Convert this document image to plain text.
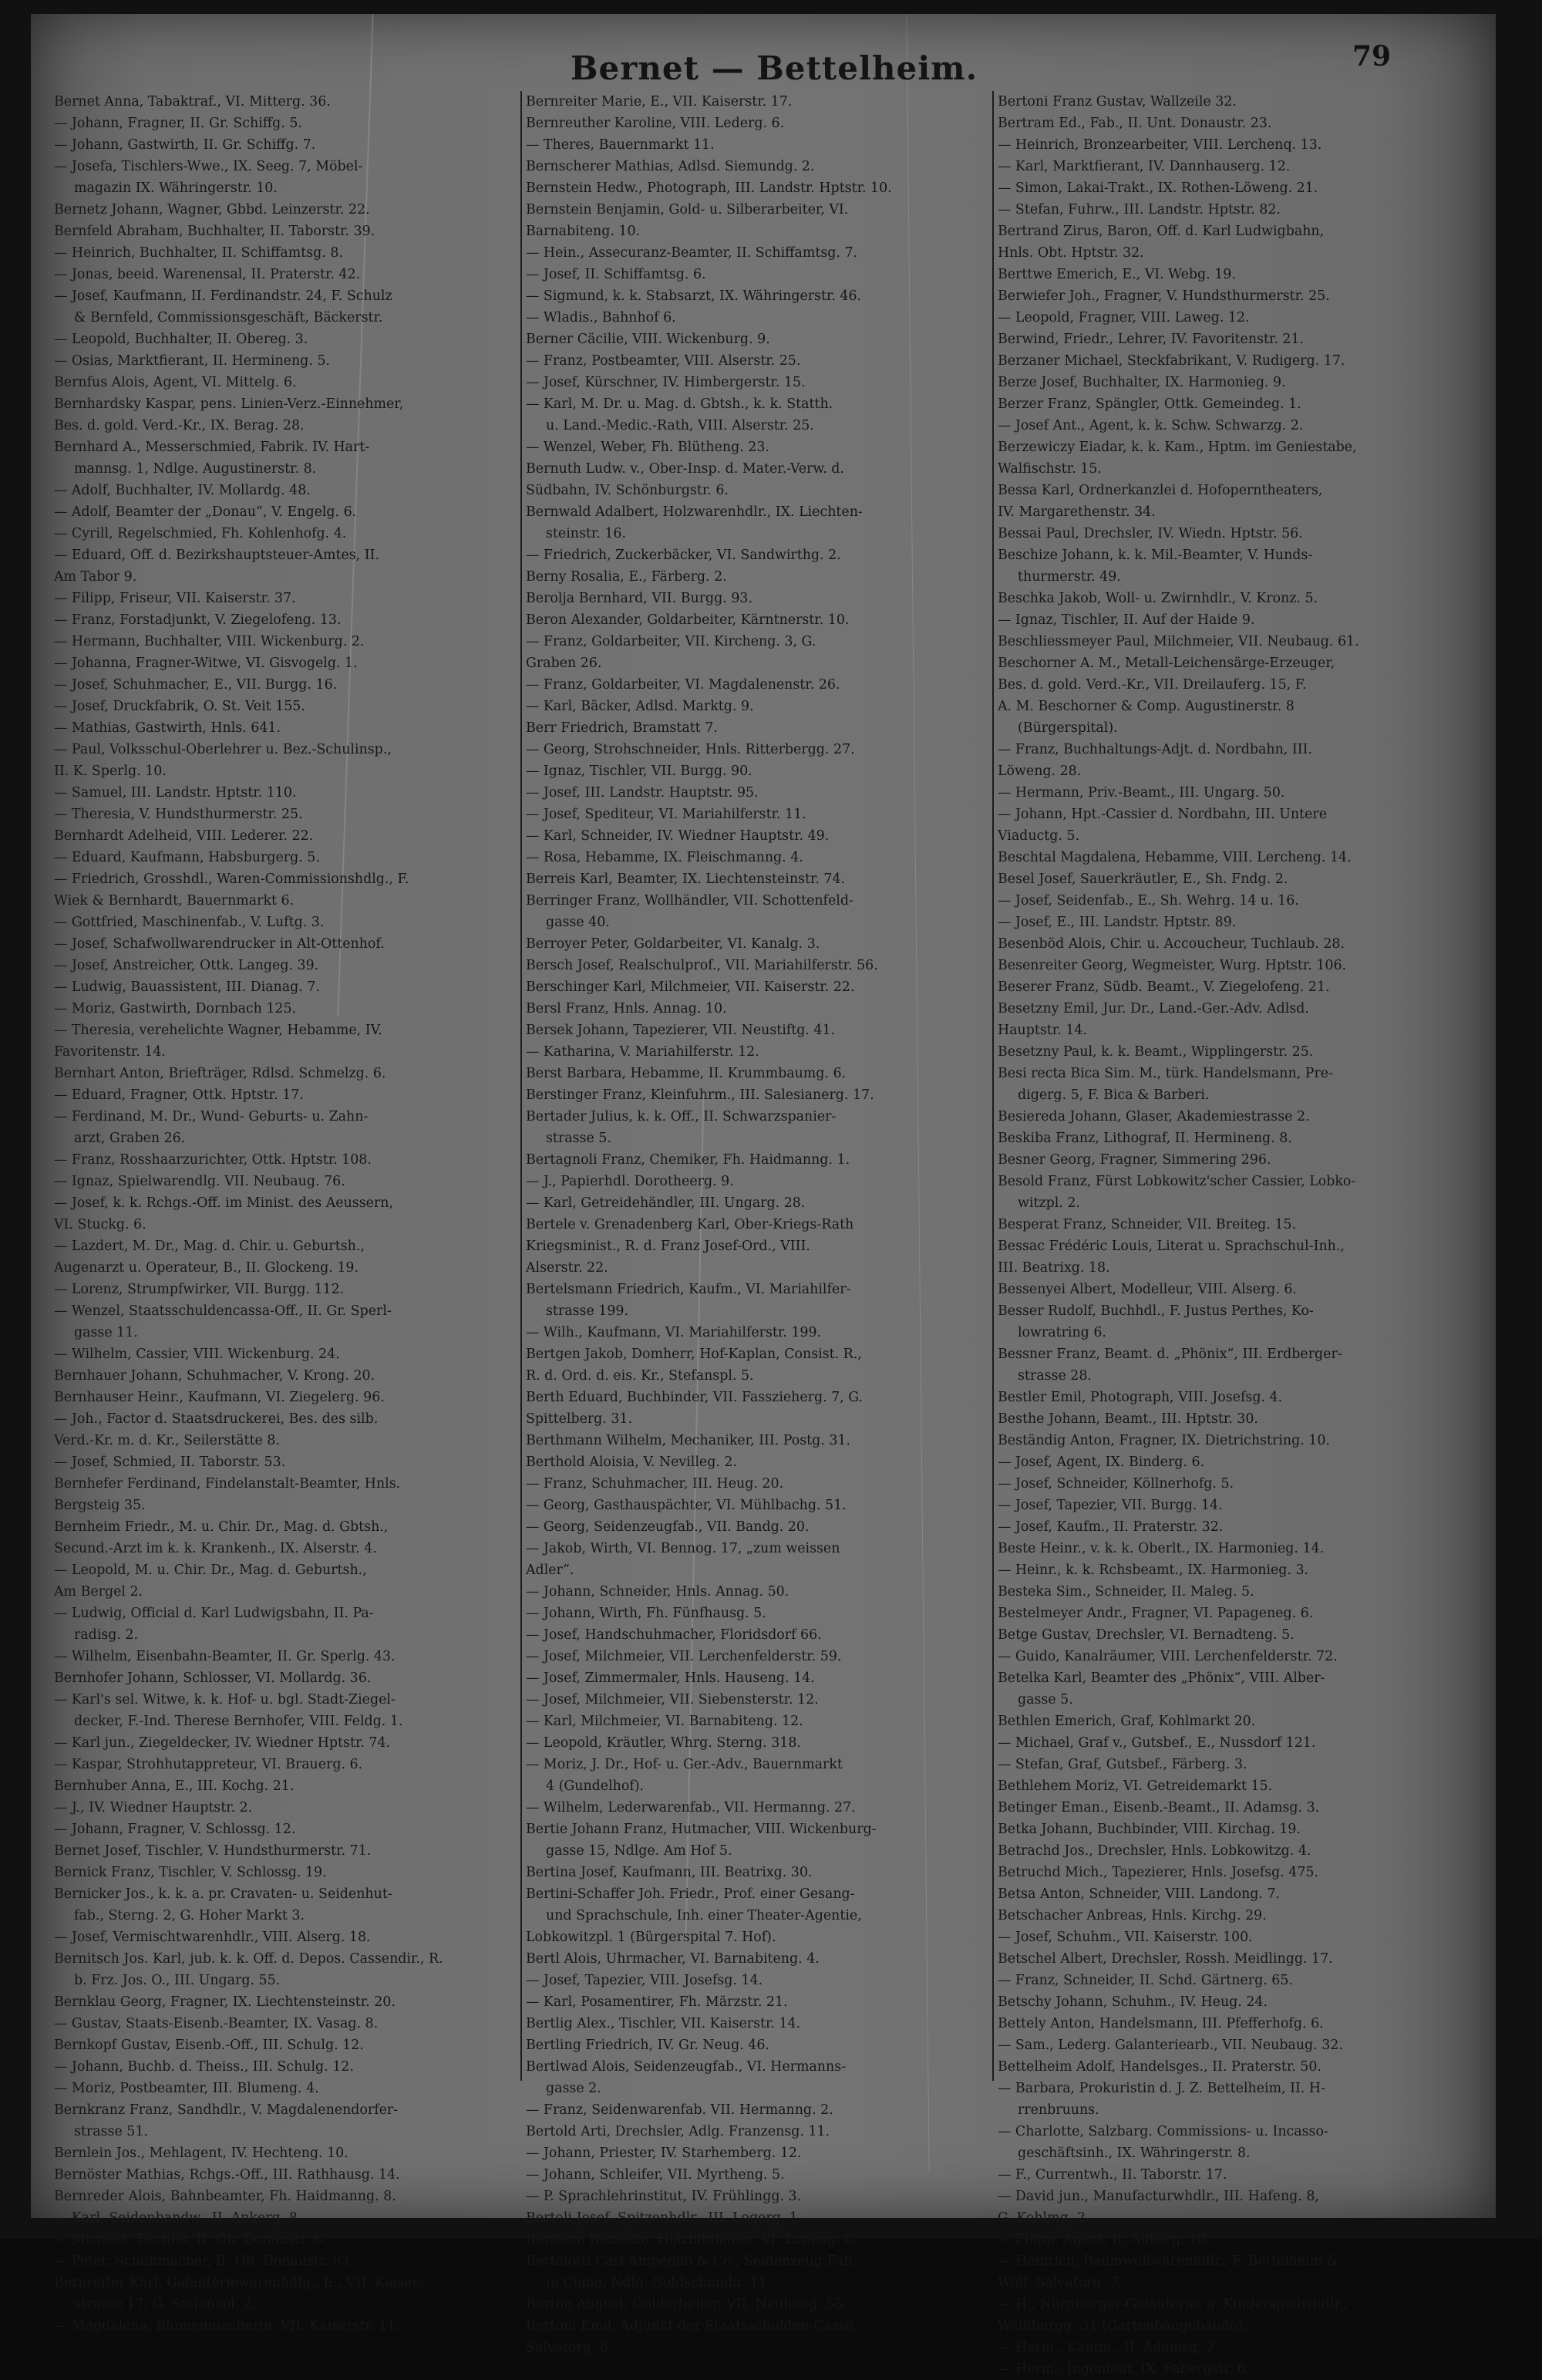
Bernet — Bettelheim.	79
Bernet Anna, Tabaktraf., VI. Mitterg. 36.
— Johann, Fragner, II. Gr. Schiffg. 5.
— Johann, Gastwirth, II. Gr. Schiffg. 7.
— Josefa, Tischlers-Wwe., IX. Seeg. 7, Möbel-
magazin IX. Währingerstr. 10.
Bernetz Johann, Wagner, Gbbd. Leinzerstr. 22.
Bernfeld Abraham, Buchhalter, II. Taborstr. 39.
— Heinrich, Buchhalter, II. Schiffamtsg. 8.
— Jonas, beeid. Warenensal, II. Praterstr. 42.
— Josef, Kaufmann, II. Ferdinandstr. 24, F. Schulz
& Bernfeld, Commissionsgeschäft, Bäckerstr.
— Leopold, Buchhalter, II. Obereg. 3.
— Osias, Marktfierant, II. Hermineng. 5.
Bernfus Alois, Agent, VI. Mittelg. 6.
Bernhardsky Kaspar, pens. Linien-Verz.-Einnehmer,
Bes. d. gold. Verd.-Kr., IX. Berag. 28.
Bernhard A., Messerschmied, Fabrik. IV. Hart-
mannsg. 1, Ndlge. Augustinerstr. 8.
— Adolf, Buchhalter, IV. Mollardg. 48.
— Adolf, Beamter der „Donau“, V. Engelg. 6.
— Cyrill, Regelschmied, Fh. Kohlenhofg. 4.
— Eduard, Off. d. Bezirkshauptsteuer-Amtes, II.
Am Tabor 9.
— Filipp, Friseur, VII. Kaiserstr. 37.
— Franz, Forstadjunkt, V. Ziegelofeng. 13.
— Hermann, Buchhalter, VIII. Wickenburg. 2.
— Johanna, Fragner-Witwe, VI. Gisvogelg. 1.
— Josef, Schuhmacher, E., VII. Burgg. 16.
— Josef, Druckfabrik, O. St. Veit 155.
— Mathias, Gastwirth, Hnls. 641.
— Paul, Volksschul-Oberlehrer u. Bez.-Schulinsp.,
II. K. Sperlg. 10.
— Samuel, III. Landstr. Hptstr. 110.
— Theresia, V. Hundsthurmerstr. 25.
Bernhardt Adelheid, VIII. Lederer. 22.
— Eduard, Kaufmann, Habsburgerg. 5.
— Friedrich, Grosshdl., Waren-Commissionshdlg., F.
Wiek & Bernhardt, Bauernmarkt 6.
— Gottfried, Maschinenfab., V. Luftg. 3.
— Josef, Schafwollwarendrucker in Alt-Ottenhof.
— Josef, Anstreicher, Ottk. Langeg. 39.
— Ludwig, Bauassistent, III. Dianag. 7.
— Moriz, Gastwirth, Dornbach 125.
— Theresia, verehelichte Wagner, Hebamme, IV.
Favoritenstr. 14.
Bernhart Anton, Briefträger, Rdlsd. Schmelzg. 6.
— Eduard, Fragner, Ottk. Hptstr. 17.
— Ferdinand, M. Dr., Wund- Geburts- u. Zahn-
arzt, Graben 26.
— Franz, Rosshaarzurichter, Ottk. Hptstr. 108.
— Ignaz, Spielwarendlg. VII. Neubaug. 76.
— Josef, k. k. Rchgs.-Off. im Minist. des Aeussern,
VI. Stuckg. 6.
— Lazdert, M. Dr., Mag. d. Chir. u. Geburtsh.,
Augenarzt u. Operateur, B., II. Glockeng. 19.
— Lorenz, Strumpfwirker, VII. Burgg. 112.
— Wenzel, Staatsschuldencassa-Off., II. Gr. Sperl-
gasse 11.
— Wilhelm, Cassier, VIII. Wickenburg. 24.
Bernhauer Johann, Schuhmacher, V. Krong. 20.
Bernhauser Heinr., Kaufmann, VI. Ziegelerg. 96.
— Joh., Factor d. Staatsdruckerei, Bes. des silb.
Verd.-Kr. m. d. Kr., Seilerstätte 8.
— Josef, Schmied, II. Taborstr. 53.
Bernhefer Ferdinand, Findelanstalt-Beamter, Hnls.
Bergsteig 35.
Bernheim Friedr., M. u. Chir. Dr., Mag. d. Gbtsh.,
Secund.-Arzt im k. k. Krankenh., IX. Alserstr. 4.
— Leopold, M. u. Chir. Dr., Mag. d. Geburtsh.,
Am Bergel 2.
— Ludwig, Official d. Karl Ludwigsbahn, II. Pa-
radisg. 2.
— Wilhelm, Eisenbahn-Beamter, II. Gr. Sperlg. 43.
Bernhofer Johann, Schlosser, VI. Mollardg. 36.
— Karl's sel. Witwe, k. k. Hof- u. bgl. Stadt-Ziegel-
decker, F.-Ind. Therese Bernhofer, VIII. Feldg. 1.
— Karl jun., Ziegeldecker, IV. Wiedner Hptstr. 74.
— Kaspar, Strohhutappreteur, VI. Brauerg. 6.
Bernhuber Anna, E., III. Kochg. 21.
— J., IV. Wiedner Hauptstr. 2.
— Johann, Fragner, V. Schlossg. 12.
Bernet Josef, Tischler, V. Hundsthurmerstr. 71.
Bernick Franz, Tischler, V. Schlossg. 19.
Bernicker Jos., k. k. a. pr. Cravaten- u. Seidenhut-
fab., Sterng. 2, G. Hoher Markt 3.
— Josef, Vermischtwarenhdlr., VIII. Alserg. 18.
Bernitsch Jos. Karl, jub. k. k. Off. d. Depos. Cassendir., R.
b. Frz. Jos. O., III. Ungarg. 55.
Bernklau Georg, Fragner, IX. Liechtensteinstr. 20.
— Gustav, Staats-Eisenb.-Beamter, IX. Vasag. 8.
Bernkopf Gustav, Eisenb.-Off., III. Schulg. 12.
— Johann, Buchb. d. Theiss., III. Schulg. 12.
— Moriz, Postbeamter, III. Blumeng. 4.
Bernkranz Franz, Sandhdlr., V. Magdalenendorfer-
strasse 51.
Bernlein Jos., Mehlagent, IV. Hechteng. 10.
Bernöster Mathias, Rchgs.-Off., III. Rathhausg. 14.
Bernreder Alois, Bahnbeamter, Fh. Haidmanng. 8.
— Karl, Seidenbandw., II. Ankerg. 8.
— Michael, Tischler, II. Ob. Donaustr. 6.
— Peter, Schuhmacher, II. Ob. Donaustr. 93.
Bernreiter Karl, Galanteriewarenhdlg., E., VII. Kaiser-
strasse 17, G. Stefanspl. 2.
— Magdalena, Blumenmacherin, VII. Kaiserstr. 11.
Bernreiter Marie, E., VII. Kaiserstr. 17.
Bernreuther Karoline, VIII. Lederg. 6.
— Theres, Bauernmarkt 11.
Bernscherer Mathias, Adlsd. Siemundg. 2.
Bernstein Hedw., Photograph, III. Landstr. Hptstr. 10.
Bernstein Benjamin, Gold- u. Silberarbeiter, VI.
Barnabiteng. 10.
— Hein., Assecuranz-Beamter, II. Schiffamtsg. 7.
— Josef, II. Schiffamtsg. 6.
— Sigmund, k. k. Stabsarzt, IX. Währingerstr. 46.
— Wladis., Bahnhof 6.
Berner Cäcilie, VIII. Wickenburg. 9.
— Franz, Postbeamter, VIII. Alserstr. 25.
— Josef, Kürschner, IV. Himbergerstr. 15.
— Karl, M. Dr. u. Mag. d. Gbtsh., k. k. Statth.
u. Land.-Medic.-Rath, VIII. Alserstr. 25.
— Wenzel, Weber, Fh. Blütheng. 23.
Bernuth Ludw. v., Ober-Insp. d. Mater.-Verw. d.
Südbahn, IV. Schönburgstr. 6.
Bernwald Adalbert, Holzwarenhdlr., IX. Liechten-
steinstr. 16.
— Friedrich, Zuckerbäcker, VI. Sandwirthg. 2.
Berny Rosalia, E., Färberg. 2.
Berolja Bernhard, VII. Burgg. 93.
Beron Alexander, Goldarbeiter, Kärntnerstr. 10.
— Franz, Goldarbeiter, VII. Kircheng. 3, G.
Graben 26.
— Franz, Goldarbeiter, VI. Magdalenenstr. 26.
— Karl, Bäcker, Adlsd. Marktg. 9.
Berr Friedrich, Bramstatt 7.
— Georg, Strohschneider, Hnls. Ritterbergg. 27.
— Ignaz, Tischler, VII. Burgg. 90.
— Josef, III. Landstr. Hauptstr. 95.
— Josef, Spediteur, VI. Mariahilferstr. 11.
— Karl, Schneider, IV. Wiedner Hauptstr. 49.
— Rosa, Hebamme, IX. Fleischmanng. 4.
Berreis Karl, Beamter, IX. Liechtensteinstr. 74.
Berringer Franz, Wollhändler, VII. Schottenfeld-
gasse 40.
Berroyer Peter, Goldarbeiter, VI. Kanalg. 3.
Bersch Josef, Realschulprof., VII. Mariahilferstr. 56.
Berschinger Karl, Milchmeier, VII. Kaiserstr. 22.
Bersl Franz, Hnls. Annag. 10.
Bersek Johann, Tapezierer, VII. Neustiftg. 41.
— Katharina, V. Mariahilferstr. 12.
Berst Barbara, Hebamme, II. Krummbaumg. 6.
Berstinger Franz, Kleinfuhrm., III. Salesianerg. 17.
Bertader Julius, k. k. Off., II. Schwarzspanier-
strasse 5.
Bertagnoli Franz, Chemiker, Fh. Haidmanng. 1.
— J., Papierhdl. Dorotheerg. 9.
— Karl, Getreidehändler, III. Ungarg. 28.
Bertele v. Grenadenberg Karl, Ober-Kriegs-Rath
Kriegsminist., R. d. Franz Josef-Ord., VIII.
Alserstr. 22.
Bertelsmann Friedrich, Kaufm., VI. Mariahilfer-
strasse 199.
— Wilh., Kaufmann, VI. Mariahilferstr. 199.
Bertgen Jakob, Domherr, Hof-Kaplan, Consist. R.,
R. d. Ord. d. eis. Kr., Stefanspl. 5.
Berth Eduard, Buchbinder, VII. Fasszieherg. 7, G.
Spittelberg. 31.
Berthmann Wilhelm, Mechaniker, III. Postg. 31.
Berthold Aloisia, V. Nevilleg. 2.
— Franz, Schuhmacher, III. Heug. 20.
— Georg, Gasthauspächter, VI. Mühlbachg. 51.
— Georg, Seidenzeugfab., VII. Bandg. 20.
— Jakob, Wirth, VI. Bennog. 17, „zum weissen
Adler“.
— Johann, Schneider, Hnls. Annag. 50.
— Johann, Wirth, Fh. Fünfhausg. 5.
— Josef, Handschuhmacher, Floridsdorf 66.
— Josef, Milchmeier, VII. Lerchenfelderstr. 59.
— Josef, Zimmermaler, Hnls. Hauseng. 14.
— Josef, Milchmeier, VII. Siebensterstr. 12.
— Karl, Milchmeier, VI. Barnabiteng. 12.
— Leopold, Kräutler, Whrg. Sterng. 318.
— Moriz, J. Dr., Hof- u. Ger.-Adv., Bauernmarkt
4 (Gundelhof).
— Wilhelm, Lederwarenfab., VII. Hermanng. 27.
Bertie Johann Franz, Hutmacher, VIII. Wickenburg-
gasse 15, Ndlge. Am Hof 5.
Bertina Josef, Kaufmann, III. Beatrixg. 30.
Bertini-Schaffer Joh. Friedr., Prof. einer Gesang-
und Sprachschule, Inh. einer Theater-Agentie,
Lobkowitzpl. 1 (Bürgerspital 7. Hof).
Bertl Alois, Uhrmacher, VI. Barnabiteng. 4.
— Josef, Tapezier, VIII. Josefsg. 14.
— Karl, Posamentirer, Fh. Märzstr. 21.
Bertlig Alex., Tischler, VII. Kaiserstr. 14.
Bertling Friedrich, IV. Gr. Neug. 46.
Bertlwad Alois, Seidenzeugfab., VI. Hermanns-
gasse 2.
— Franz, Seidenwarenfab. VII. Hermanng. 2.
Bertold Arti, Drechsler, Adlg. Franzensg. 11.
— Johann, Priester, IV. Starhemberg. 12.
— Johann, Schleifer, VII. Myrtheng. 5.
— P. Sprachlehrinstitut, IV. Frühlingg. 3.
Bertoli Josef, Spitzenhdlr., III. Logerg. 1.
Bertolini Romedio, Holzbildhauer, VI. Linieng. 6.
Bertolotti Carl Ampeglio & Co., Seidenzeug-Fab.
in Como, Ndlg. Goldschmidg. 11.
Berton August, Goldarbeiter, VII. Neubaug. 55.
Bertoni Emil, Adjunkt der Staatsschulden-Casse,
Salvatorg. 6.
Bertoni Franz Gustav, Wallzeile 32.
Bertram Ed., Fab., II. Unt. Donaustr. 23.
— Heinrich, Bronzearbeiter, VIII. Lerchenq. 13.
— Karl, Marktfierant, IV. Dannhauserg. 12.
— Simon, Lakai-Trakt., IX. Rothen-Löweng. 21.
— Stefan, Fuhrw., III. Landstr. Hptstr. 82.
Bertrand Zirus, Baron, Off. d. Karl Ludwigbahn,
Hnls. Obt. Hptstr. 32.
Berttwe Emerich, E., VI. Webg. 19.
Berwiefer Joh., Fragner, V. Hundsthurmerstr. 25.
— Leopold, Fragner, VIII. Laweg. 12.
Berwind, Friedr., Lehrer, IV. Favoritenstr. 21.
Berzaner Michael, Steckfabrikant, V. Rudigerg. 17.
Berze Josef, Buchhalter, IX. Harmonieg. 9.
Berzer Franz, Spängler, Ottk. Gemeindeg. 1.
— Josef Ant., Agent, k. k. Schw. Schwarzg. 2.
Berzewiczy Eiadar, k. k. Kam., Hptm. im Geniestabe,
Walfischstr. 15.
Bessa Karl, Ordnerkanzlei d. Hofoperntheaters,
IV. Margarethenstr. 34.
Bessai Paul, Drechsler, IV. Wiedn. Hptstr. 56.
Beschize Johann, k. k. Mil.-Beamter, V. Hunds-
thurmerstr. 49.
Beschka Jakob, Woll- u. Zwirnhdlr., V. Kronz. 5.
— Ignaz, Tischler, II. Auf der Haide 9.
Beschliessmeyer Paul, Milchmeier, VII. Neubaug. 61.
Beschorner A. M., Metall-Leichensärge-Erzeuger,
Bes. d. gold. Verd.-Kr., VII. Dreilauferg. 15, F.
A. M. Beschorner & Comp. Augustinerstr. 8
(Bürgerspital).
— Franz, Buchhaltungs-Adjt. d. Nordbahn, III.
Löweng. 28.
— Hermann, Priv.-Beamt., III. Ungarg. 50.
— Johann, Hpt.-Cassier d. Nordbahn, III. Untere
Viaductg. 5.
Beschtal Magdalena, Hebamme, VIII. Lercheng. 14.
Besel Josef, Sauerkräutler, E., Sh. Fndg. 2.
— Josef, Seidenfab., E., Sh. Wehrg. 14 u. 16.
— Josef, E., III. Landstr. Hptstr. 89.
Besenböd Alois, Chir. u. Accoucheur, Tuchlaub. 28.
Besenreiter Georg, Wegmeister, Wurg. Hptstr. 106.
Beserer Franz, Südb. Beamt., V. Ziegelofeng. 21.
Besetzny Emil, Jur. Dr., Land.-Ger.-Adv. Adlsd.
Hauptstr. 14.
Besetzny Paul, k. k. Beamt., Wipplingerstr. 25.
Besi recta Bica Sim. M., türk. Handelsmann, Pre-
digerg. 5, F. Bica & Barberi.
Besiereda Johann, Glaser, Akademiestrasse 2.
Beskiba Franz, Lithograf, II. Hermineng. 8.
Besner Georg, Fragner, Simmering 296.
Besold Franz, Fürst Lobkowitz'scher Cassier, Lobko-
witzpl. 2.
Besperat Franz, Schneider, VII. Breiteg. 15.
Bessac Frédéric Louis, Literat u. Sprachschul-Inh.,
III. Beatrixg. 18.
Bessenyei Albert, Modelleur, VIII. Alserg. 6.
Besser Rudolf, Buchhdl., F. Justus Perthes, Ko-
lowratring 6.
Bessner Franz, Beamt. d. „Phönix“, III. Erdberger-
strasse 28.
Bestler Emil, Photograph, VIII. Josefsg. 4.
Besthe Johann, Beamt., III. Hptstr. 30.
Beständig Anton, Fragner, IX. Dietrichstring. 10.
— Josef, Agent, IX. Binderg. 6.
— Josef, Schneider, Köllnerhofg. 5.
— Josef, Tapezier, VII. Burgg. 14.
— Josef, Kaufm., II. Praterstr. 32.
Beste Heinr., v. k. k. Oberlt., IX. Harmonieg. 14.
— Heinr., k. k. Rchsbeamt., IX. Harmonieg. 3.
Besteka Sim., Schneider, II. Maleg. 5.
Bestelmeyer Andr., Fragner, VI. Papageneg. 6.
Betge Gustav, Drechsler, VI. Bernadteng. 5.
— Guido, Kanalräumer, VIII. Lerchenfelderstr. 72.
Betelka Karl, Beamter des „Phönix“, VIII. Alber-
gasse 5.
Bethlen Emerich, Graf, Kohlmarkt 20.
— Michael, Graf v., Gutsbef., E., Nussdorf 121.
— Stefan, Graf, Gutsbef., Färberg. 3.
Bethlehem Moriz, VI. Getreidemarkt 15.
Betinger Eman., Eisenb.-Beamt., II. Adamsg. 3.
Betka Johann, Buchbinder, VIII. Kirchag. 19.
Betrachd Jos., Drechsler, Hnls. Lobkowitzg. 4.
Betruchd Mich., Tapezierer, Hnls. Josefsg. 475.
Betsa Anton, Schneider, VIII. Landong. 7.
Betschacher Anbreas, Hnls. Kirchg. 29.
— Josef, Schuhm., VII. Kaiserstr. 100.
Betschel Albert, Drechsler, Rossh. Meidlingg. 17.
— Franz, Schneider, II. Schd. Gärtnerg. 65.
Betschy Johann, Schuhm., IV. Heug. 24.
Bettely Anton, Handelsmann, III. Pfefferhofg. 6.
— Sam., Lederg. Galanteriearb., VII. Neubaug. 32.
Bettelheim Adolf, Handelsges., II. Praterstr. 50.
— Barbara, Prokuristin d. J. Z. Bettelheim, II. H-
rrenbruuns.
— Charlotte, Salzbarg. Commissions- u. Incasso-
geschäftsinh., IX. Währingerstr. 8.
— F., Currentwh., II. Taborstr. 17.
— David jun., Manufacturwhdlr., III. Hafeng. 8,
G. Kohlmg. 2.
— Filipp, Agent, II. Ankerg. 10.
— Heinrich, Baumwollwarenhdlr., F. Bettelheim &
Wolf, Salvatorg. 7.
— H., Nürnberger-Galanterie- u. Kinderspielwhdlr.,
Weihburgg. 31 (Gartenbaugebäude).
— Herm., Kaufm., II. Adamsg. 2.
— Herm., Ingenieur, IX. Fabergstr. 6.
